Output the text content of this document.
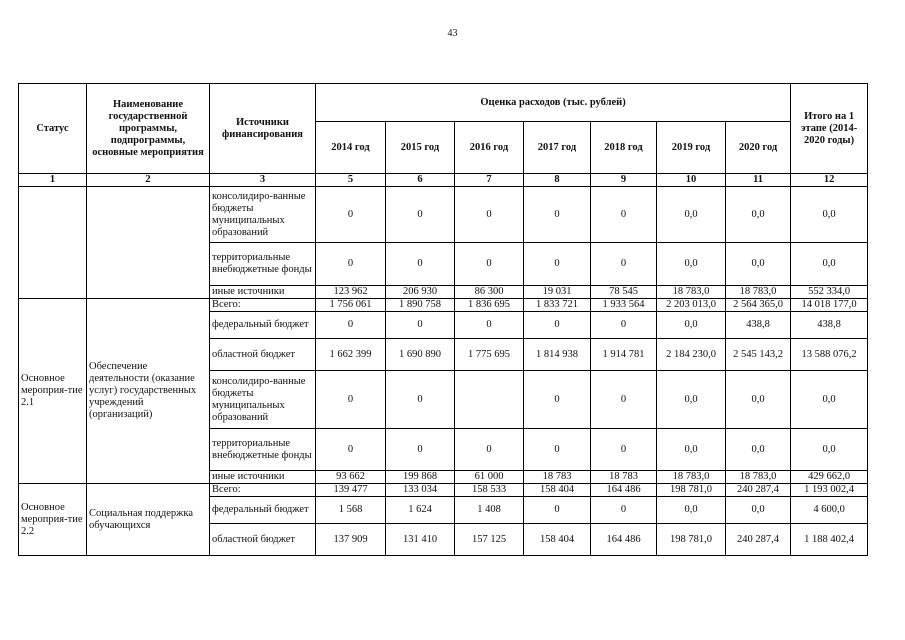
43
Статус	Наименование государственной программы, подпрограммы, основные мероприятия	Источники финансирования	Оценка расходов (тыс. рублей)							Итого на 1 этапе (2014-2020 годы)
			2014 год	2015 год	2016 год	2017 год	2018 год	2019 год	2020 год	
1	2	3	5	6	7	8	9	10	11	12
		консолидиро-ванные бюджеты муниципальных образований	0	0	0	0	0	0,0	0,0	0,0
		территориальные внебюджетные фонды	0	0	0	0	0	0,0	0,0	0,0
		иные источники	123 962	206 930	86 300	19 031	78 545	18 783,0	18 783,0	552 334,0
Основное мероприя-тие 2.1	Обеспечение деятельности (оказание услуг) государственных учреждений (организаций)	Всего:	1 756 061	1 890 758	1 836 695	1 833 721	1 933 564	2 203 013,0	2 564 365,0	14 018 177,0
		федеральный бюджет	0	0	0	0	0	0,0	438,8	438,8
		областной бюджет	1 662 399	1 690 890	1 775 695	1 814 938	1 914 781	2 184 230,0	2 545 143,2	13 588 076,2
		консолидиро-ванные бюджеты муниципальных образований	0	0		0	0	0,0	0,0	0,0
		территориальные внебюджетные фонды	0	0	0	0	0	0,0	0,0	0,0
		иные источники	93 662	199 868	61 000	18 783	18 783	18 783,0	18 783,0	429 662,0
Основное мероприя-тие 2.2	Социальная поддержка обучающихся	Всего:	139 477	133 034	158 533	158 404	164 486	198 781,0	240 287,4	1 193 002,4
		федеральный бюджет	1 568	1 624	1 408	0	0	0,0	0,0	4 600,0
		областной бюджет	137 909	131 410	157 125	158 404	164 486	198 781,0	240 287,4	1 188 402,4
